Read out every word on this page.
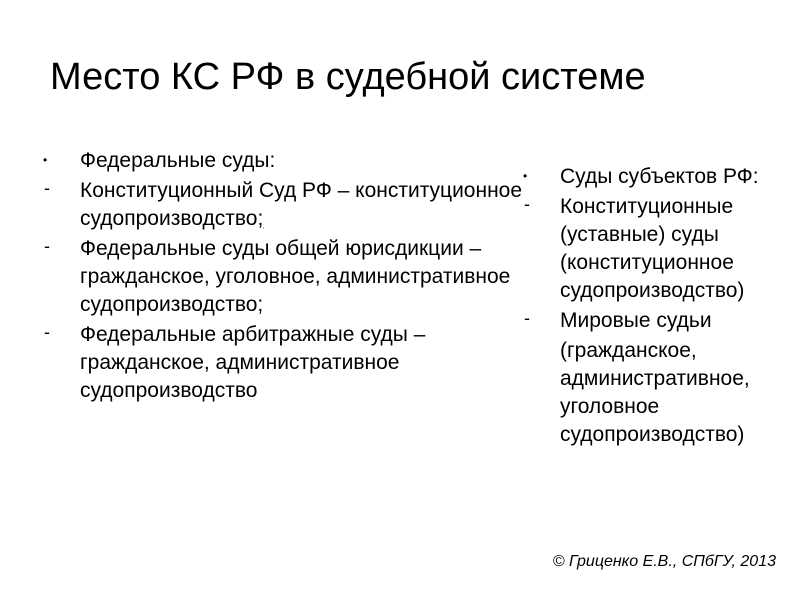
Место КС РФ в судебной системе
•	Федеральные суды:
-	Конституционный Суд РФ – конституционное судопроизводство;
-	Федеральные суды общей юрисдикции – гражданское, уголовное, административное судопроизводство;
-	Федеральные арбитражные суды – гражданское, административное судопроизводство
•	Суды субъектов РФ:
-	Конституционные (уставные) суды (конституционное судопроизводство)
-	Мировые судьи
(гражданское, административное, уголовное судопроизводство)
© Гриценко Е.В., СПбГУ, 2013
